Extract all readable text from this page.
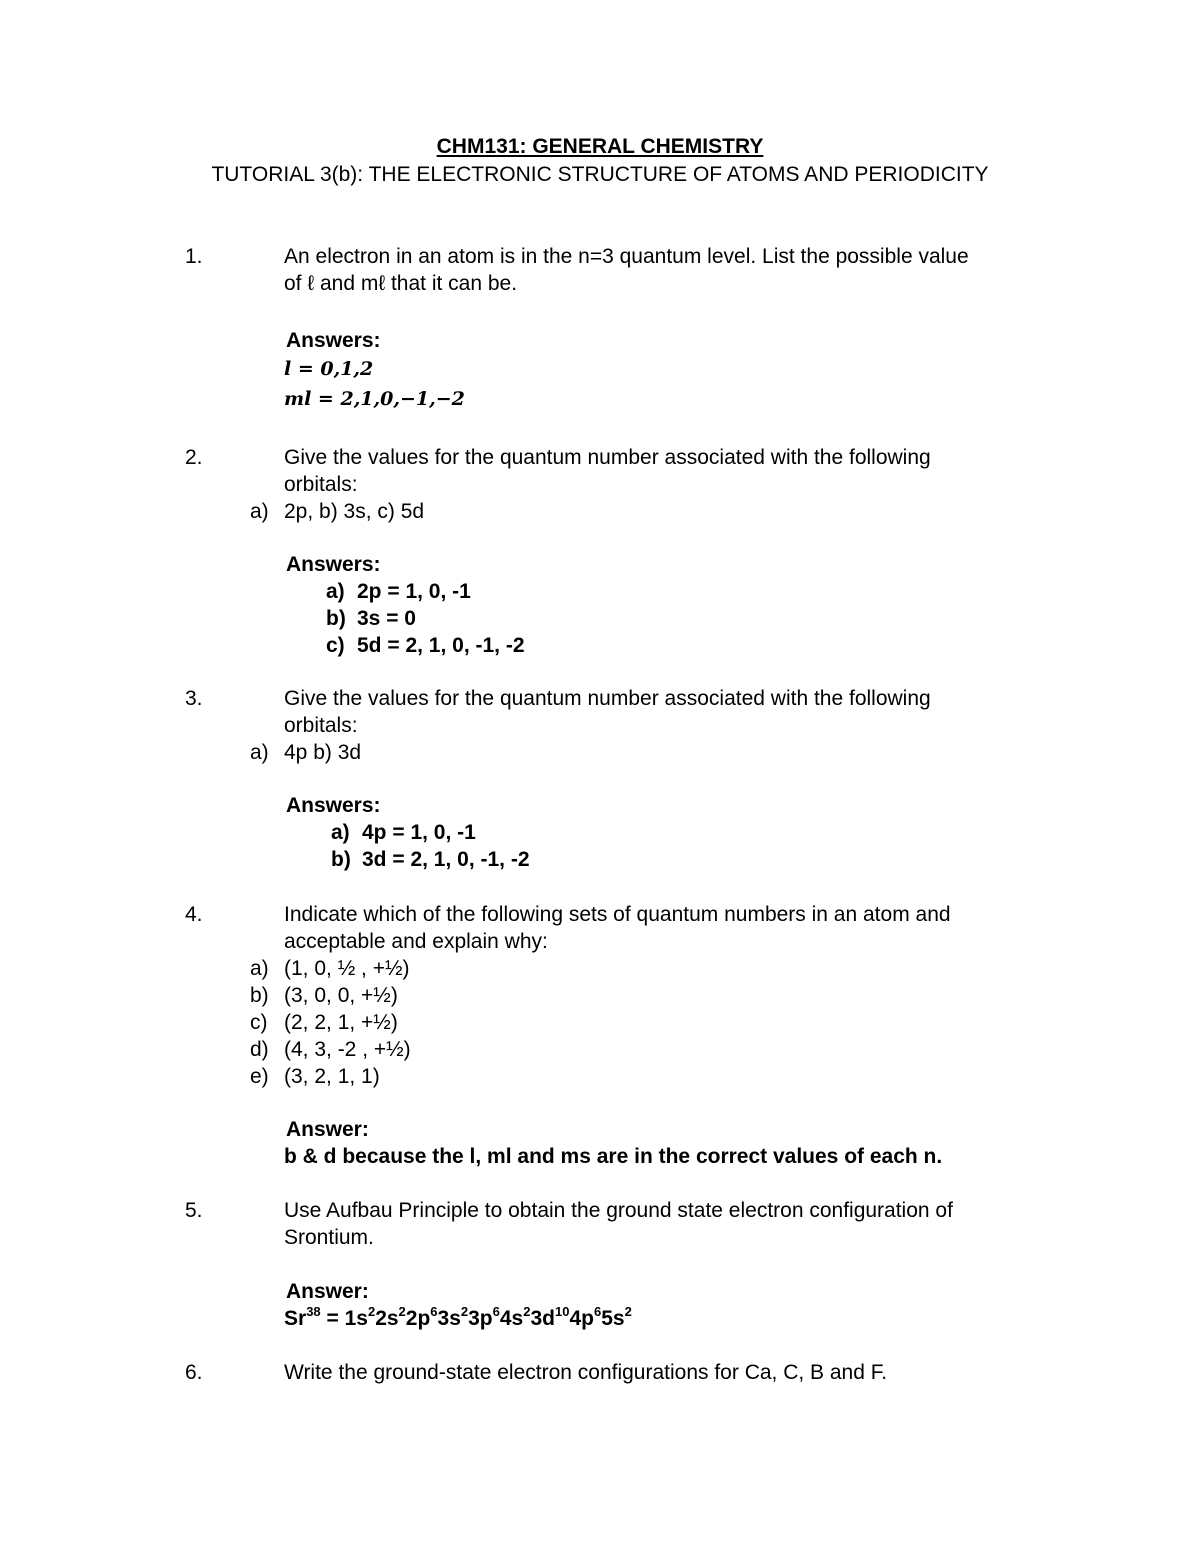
CHM131: GENERAL CHEMISTRY
TUTORIAL 3(b): THE ELECTRONIC STRUCTURE OF ATOMS AND PERIODICITY
1.	An electron in an atom is in the n=3 quantum level. List the possible value
of ℓ and mℓ that it can be.
Answers:
l = 0,1,2
ml = 2,1,0,−1,−2
2.	Give the values for the quantum number associated with the following
orbitals:
a) 2p, b) 3s, c) 5d
Answers:
a) 2p = 1, 0, -1
b) 3s = 0
c) 5d = 2, 1, 0, -1, -2
3.	Give the values for the quantum number associated with the following
orbitals:
a) 4p b) 3d
Answers:
a) 4p = 1, 0, -1
b) 3d = 2, 1, 0, -1, -2
4.	Indicate which of the following sets of quantum numbers in an atom and
acceptable and explain why:
a) (1, 0, ½ , +½)
b) (3, 0, 0, +½)
c) (2, 2, 1, +½)
d) (4, 3, -2 , +½)
e) (3, 2, 1, 1)
Answer:
b & d because the l, ml and ms are in the correct values of each n.
5.	Use Aufbau Principle to obtain the ground state electron configuration of
Srontium.
Answer:
$Sr^{38} = 1s^22s^22p^63s^23p^64s^23d^{10}4p^65s^2$
6.	Write the ground-state electron configurations for Ca, C, B and F.
